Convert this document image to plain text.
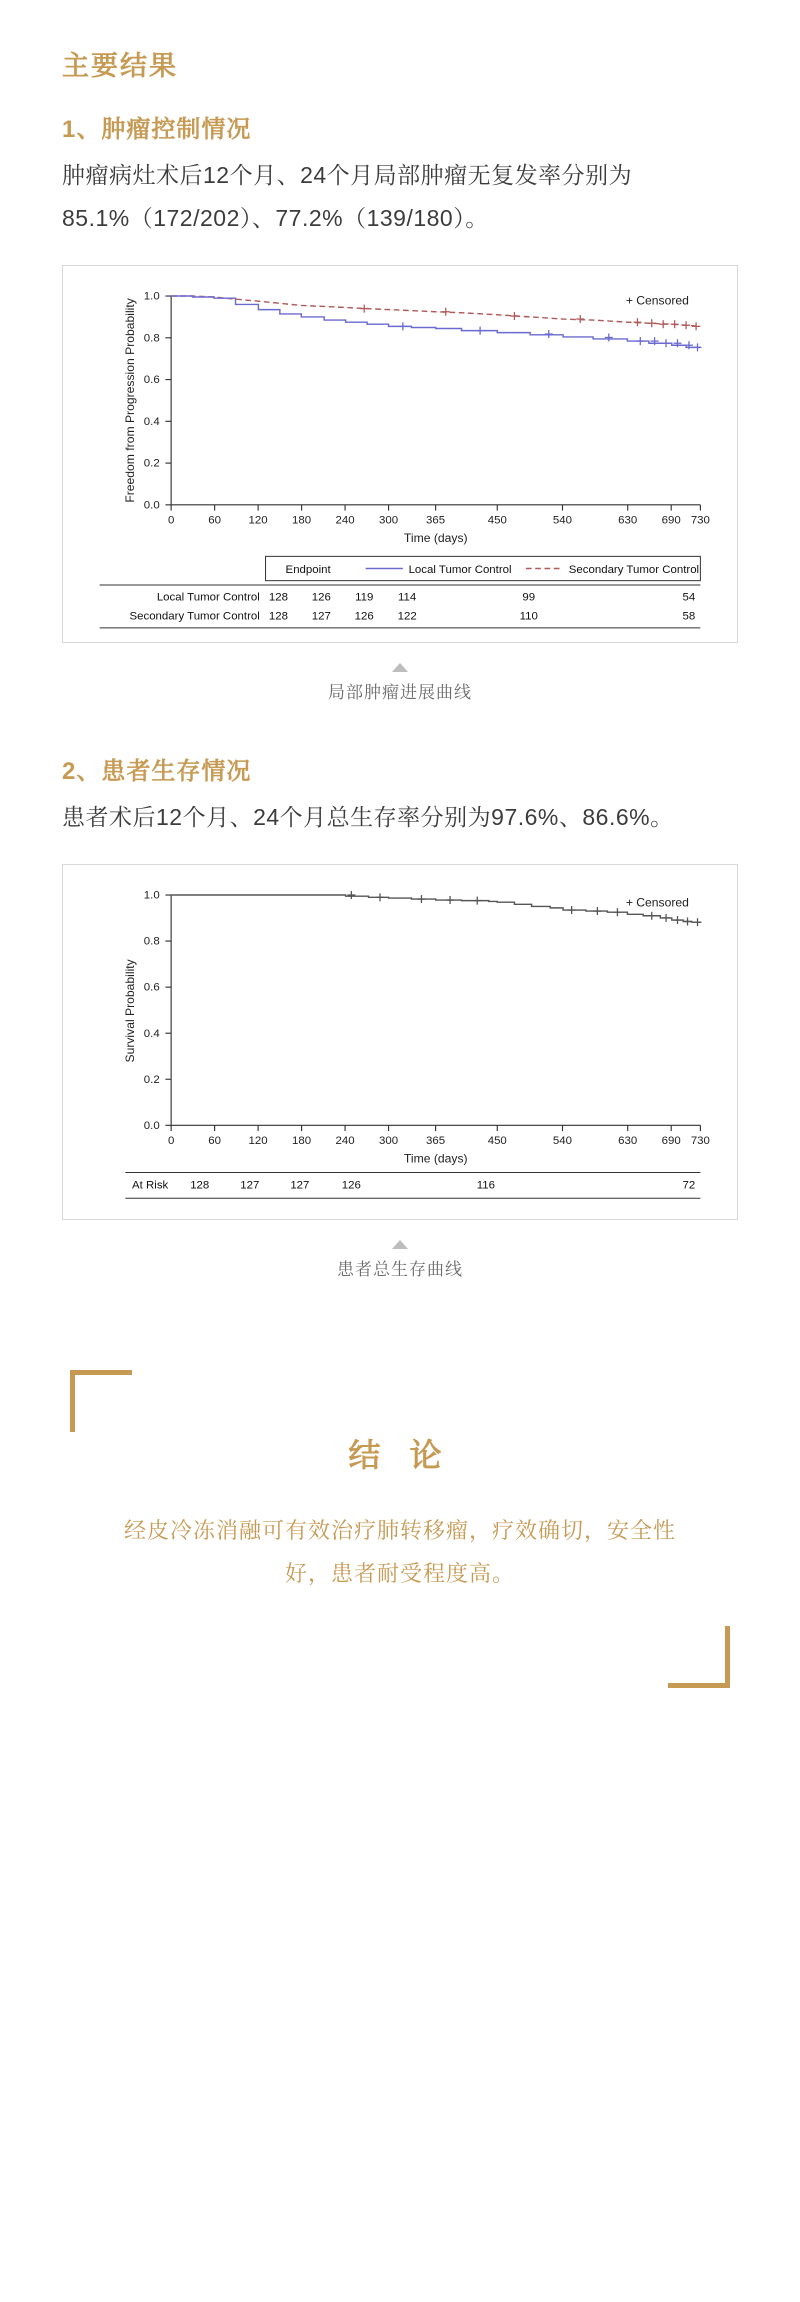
主要结果
1、肿瘤控制情况

肿瘤病灶术后12个月、24个月局部肿瘤无复发率分别为85.1%（172/202）、77.2%（139/180）。

0.0
0.2
0.4
0.6
0.8
1.0
0	60	120	180	240	300	365	450	540	630	690 730
Time (days)
Freedom from Progression Probability	+ Censored
Endpoint	Local Tumor Control	Secondary Tumor Control
Local Tumor Control 128	126	119	114	99	54
Secondary Tumor Control 128	127	126	122	110	58
局部肿瘤进展曲线
2、患者生存情况

患者术后12个月、24个月总生存率分别为97.6%、86.6%。

0.0
0.2
0.4
0.6
0.8
1.0
0	60	120	180	240	300	365	450	540	630	690 730
Time (days)
Survival Probability
+ Censored
At Risk	128	127	127	126	116	72
患者总生存曲线
结 论

经皮冷冻消融可有效治疗肺转移瘤，疗效确切，安全性好，患者耐受程度高。
